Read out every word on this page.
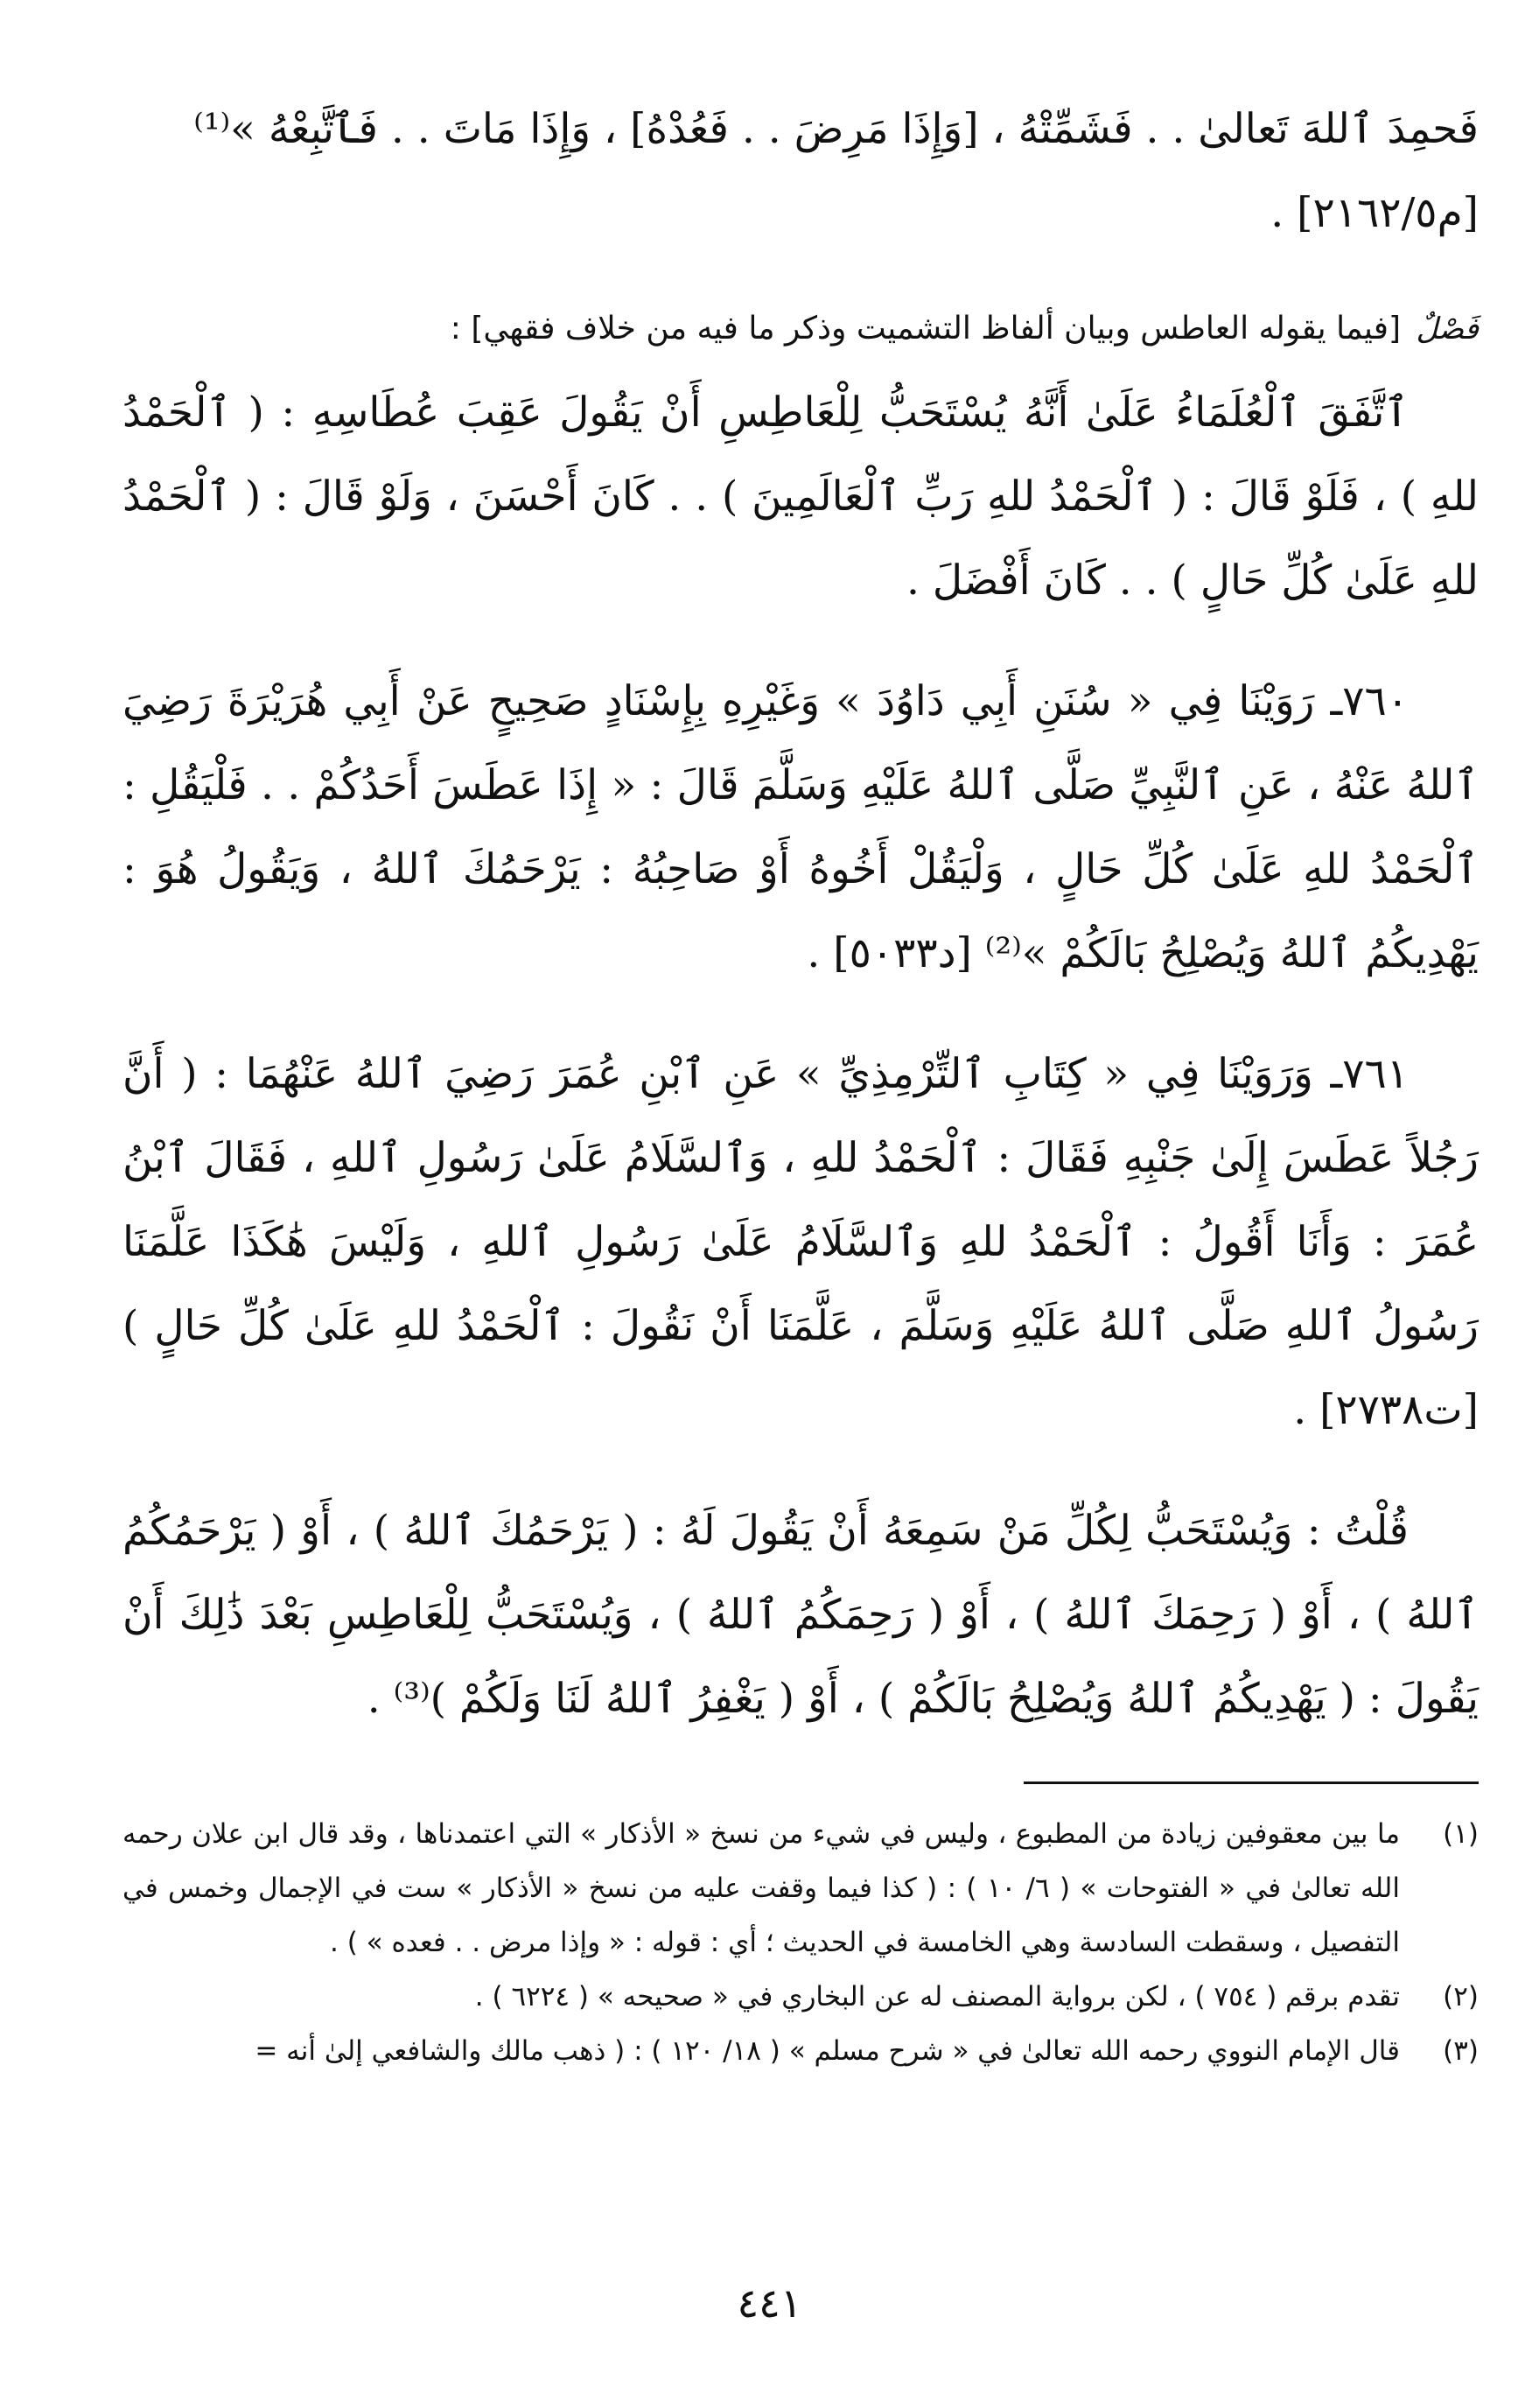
فَحمِدَ ٱللهَ تَعالىٰ . . فَشَمِّتْهُ ، [وَإِذَا مَرِضَ . . فَعُدْهُ] ، وَإِذَا مَاتَ . . فَٱتَّبِعْهُ »⁽¹⁾
[م٢١٦٢/٥] .
فَصْلٌ [فيما يقوله العاطس وبيان ألفاظ التشميت وذكر ما فيه من خلاف فقهي] :

ٱتَّفَقَ ٱلْعُلَمَاءُ عَلَىٰ أَنَّهُ يُسْتَحَبُّ لِلْعَاطِسِ أَنْ يَقُولَ عَقِبَ عُطَاسِهِ : ( ٱلْحَمْدُ للهِ ) ، فَلَوْ قَالَ : ( ٱلْحَمْدُ للهِ رَبِّ ٱلْعَالَمِينَ ) . . كَانَ أَحْسَنَ ، وَلَوْ قَالَ : ( ٱلْحَمْدُ للهِ عَلَىٰ كُلِّ حَالٍ ) . . كَانَ أَفْضَلَ .

٧٦٠ـ رَوَيْنَا فِي « سُنَنِ أَبِي دَاوُدَ » وَغَيْرِهِ بِإِسْنَادٍ صَحِيحٍ عَنْ أَبِي هُرَيْرَةَ رَضِيَ ٱللهُ عَنْهُ ، عَنِ ٱلنَّبِيِّ صَلَّى ٱللهُ عَلَيْهِ وَسَلَّمَ قَالَ : « إِذَا عَطَسَ أَحَدُكُمْ . . فَلْيَقُلِ : ٱلْحَمْدُ للهِ عَلَىٰ كُلِّ حَالٍ ، وَلْيَقُلْ أَخُوهُ أَوْ صَاحِبُهُ : يَرْحَمُكَ ٱللهُ ، وَيَقُولُ هُوَ : يَهْدِيكُمُ ٱللهُ وَيُصْلِحُ بَالَكُمْ »⁽²⁾ [د٥٠٣٣] .

٧٦١ـ وَرَوَيْنَا فِي « كِتَابِ ٱلتِّرْمِذِيِّ » عَنِ ٱبْنِ عُمَرَ رَضِيَ ٱللهُ عَنْهُمَا : ( أَنَّ رَجُلاً عَطَسَ إِلَىٰ جَنْبِهِ فَقَالَ : ٱلْحَمْدُ للهِ ، وَٱلسَّلَامُ عَلَىٰ رَسُولِ ٱللهِ ، فَقَالَ ٱبْنُ عُمَرَ : وَأَنَا أَقُولُ : ٱلْحَمْدُ للهِ وَٱلسَّلَامُ عَلَىٰ رَسُولِ ٱللهِ ، وَلَيْسَ هَٰكَذَا عَلَّمَنَا رَسُولُ ٱللهِ صَلَّى ٱللهُ عَلَيْهِ وَسَلَّمَ ، عَلَّمَنَا أَنْ نَقُولَ : ٱلْحَمْدُ للهِ عَلَىٰ كُلِّ حَالٍ ) [ت٢٧٣٨] .

قُلْتُ : وَيُسْتَحَبُّ لِكُلِّ مَنْ سَمِعَهُ أَنْ يَقُولَ لَهُ : ( يَرْحَمُكَ ٱللهُ ) ، أَوْ ( يَرْحَمُكُمُ ٱللهُ ) ، أَوْ ( رَحِمَكَ ٱللهُ ) ، أَوْ ( رَحِمَكُمُ ٱللهُ ) ، وَيُسْتَحَبُّ لِلْعَاطِسِ بَعْدَ ذَٰلِكَ أَنْ يَقُولَ : ( يَهْدِيكُمُ ٱللهُ وَيُصْلِحُ بَالَكُمْ ) ، أَوْ ( يَغْفِرُ ٱللهُ لَنَا وَلَكُمْ )⁽³⁾ .

(١)
ما بين معقوفين زيادة من المطبوع ، وليس في شيء من نسخ « الأذكار » التي اعتمدناها ، وقد قال ابن علان رحمه الله تعالىٰ في « الفتوحات » ( ٦/ ١٠ ) : ( كذا فيما وقفت عليه من نسخ « الأذكار » ست في الإجمال وخمس في التفصيل ، وسقطت السادسة وهي الخامسة في الحديث ؛ أي : قوله : « وإذا مرض . . فعده » ) .
(٢)
تقدم برقم ( ٧٥٤ ) ، لكن برواية المصنف له عن البخاري في « صحيحه » ( ٦٢٢٤ ) .
(٣)
قال الإمام النووي رحمه الله تعالىٰ في « شرح مسلم » ( ١٨/ ١٢٠ ) : ( ذهب مالك والشافعي إلىٰ أنه =
٤٤١
